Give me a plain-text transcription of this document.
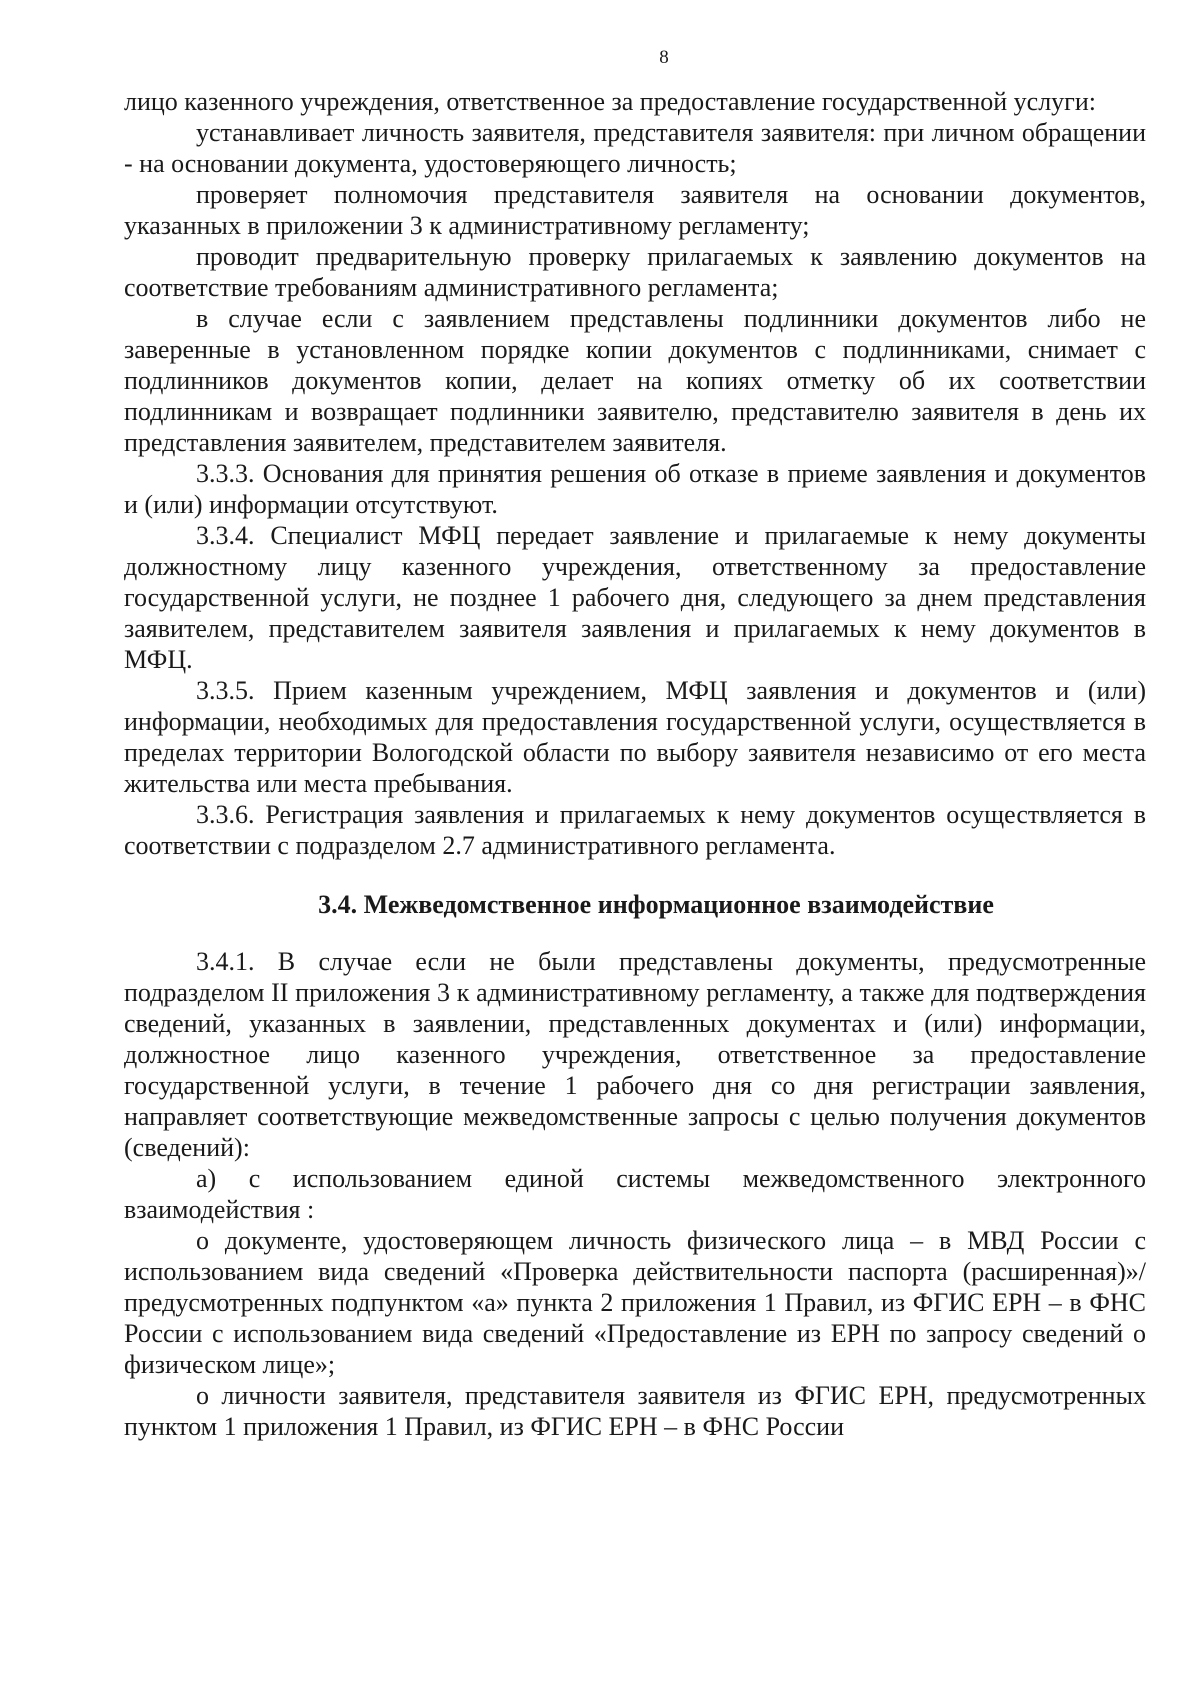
8

лицо казенного учреждения, ответственное за предоставление государственной услуги:

устанавливает личность заявителя, представителя заявителя: при личном обращении - на основании документа, удостоверяющего личность;

проверяет полномочия представителя заявителя на основании документов, указанных в приложении 3 к административному регламенту;

проводит предварительную проверку прилагаемых к заявлению документов на соответствие требованиям административного регламента;

в случае если с заявлением представлены подлинники документов либо не заверенные в установленном порядке копии документов с подлинниками, снимает с подлинников документов копии, делает на копиях отметку об их соответствии подлинникам и возвращает подлинники заявителю, представителю заявителя в день их представления заявителем, представителем заявителя.

3.3.3. Основания для принятия решения об отказе в приеме заявления и документов и (или) информации отсутствуют.

3.3.4. Специалист МФЦ передает заявление и прилагаемые к нему документы должностному лицу казенного учреждения, ответственному за предоставление государственной услуги, не позднее 1 рабочего дня, следующего за днем представления заявителем, представителем заявителя заявления и прилагаемых к нему документов в МФЦ.

3.3.5. Прием казенным учреждением, МФЦ заявления и документов и (или) информации, необходимых для предоставления государственной услуги, осуществляется в пределах территории Вологодской области по выбору заявителя независимо от его места жительства или места пребывания.

3.3.6. Регистрация заявления и прилагаемых к нему документов осуществляется в соответствии с подразделом 2.7 административного регламента.

3.4. Межведомственное информационное взаимодействие

3.4.1. В случае если не были представлены документы, предусмотренные подразделом II приложения 3 к административному регламенту, а также для подтверждения сведений, указанных в заявлении, представленных документах и (или) информации, должностное лицо казенного учреждения, ответственное за предоставление государственной услуги, в течение 1 рабочего дня со дня регистрации заявления, направляет соответствующие межведомственные запросы с целью получения документов (сведений):

а) с использованием единой системы межведомственного электронного взаимодействия :

о документе, удостоверяющем личность физического лица – в МВД России с использованием вида сведений «Проверка действительности паспорта (расширенная)»/предусмотренных подпунктом «а» пункта 2 приложения 1 Правил, из ФГИС ЕРН – в ФНС России с использованием вида сведений «Предоставление из ЕРН по запросу сведений о физическом лице»;

о личности заявителя, представителя заявителя из ФГИС ЕРН, предусмотренных пунктом 1 приложения 1 Правил, из ФГИС ЕРН – в ФНС России
